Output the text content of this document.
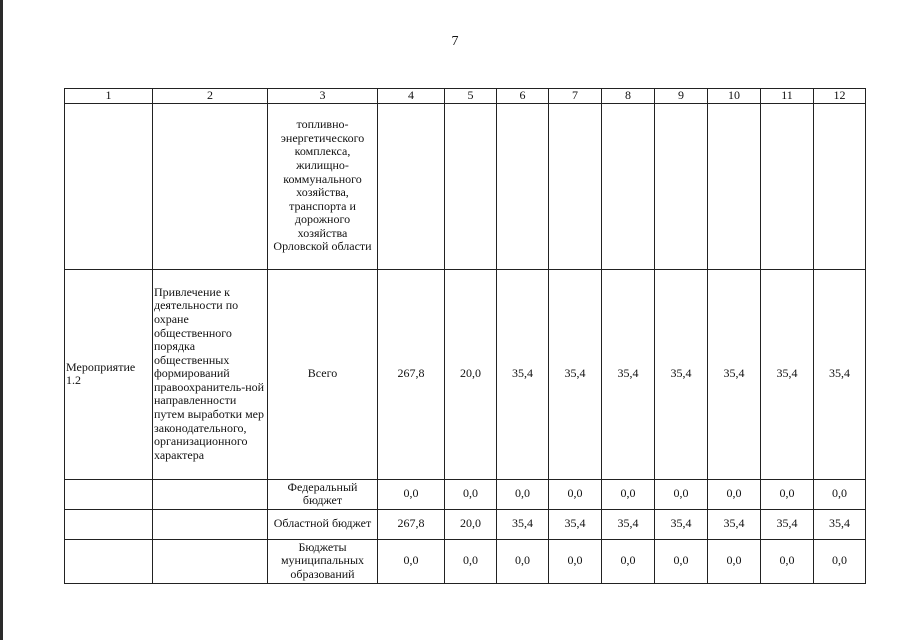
7
1	2	3	4	5	6	7	8	9	10	11	12
		топливно-энергетического комплекса, жилищно-коммунального хозяйства, транспорта и дорожного хозяйства Орловской области									
Мероприятие 1.2	Привлечение к деятельности по охране общественного порядка общественных формирований правоохранитель-ной направленности путем выработки мер законодательного, организационного характера	Всего	267,8	20,0	35,4	35,4	35,4	35,4	35,4	35,4	35,4
		Федеральный бюджет	0,0	0,0	0,0	0,0	0,0	0,0	0,0	0,0	0,0
		Областной бюджет	267,8	20,0	35,4	35,4	35,4	35,4	35,4	35,4	35,4
		Бюджеты муниципальных образований	0,0	0,0	0,0	0,0	0,0	0,0	0,0	0,0	0,0
